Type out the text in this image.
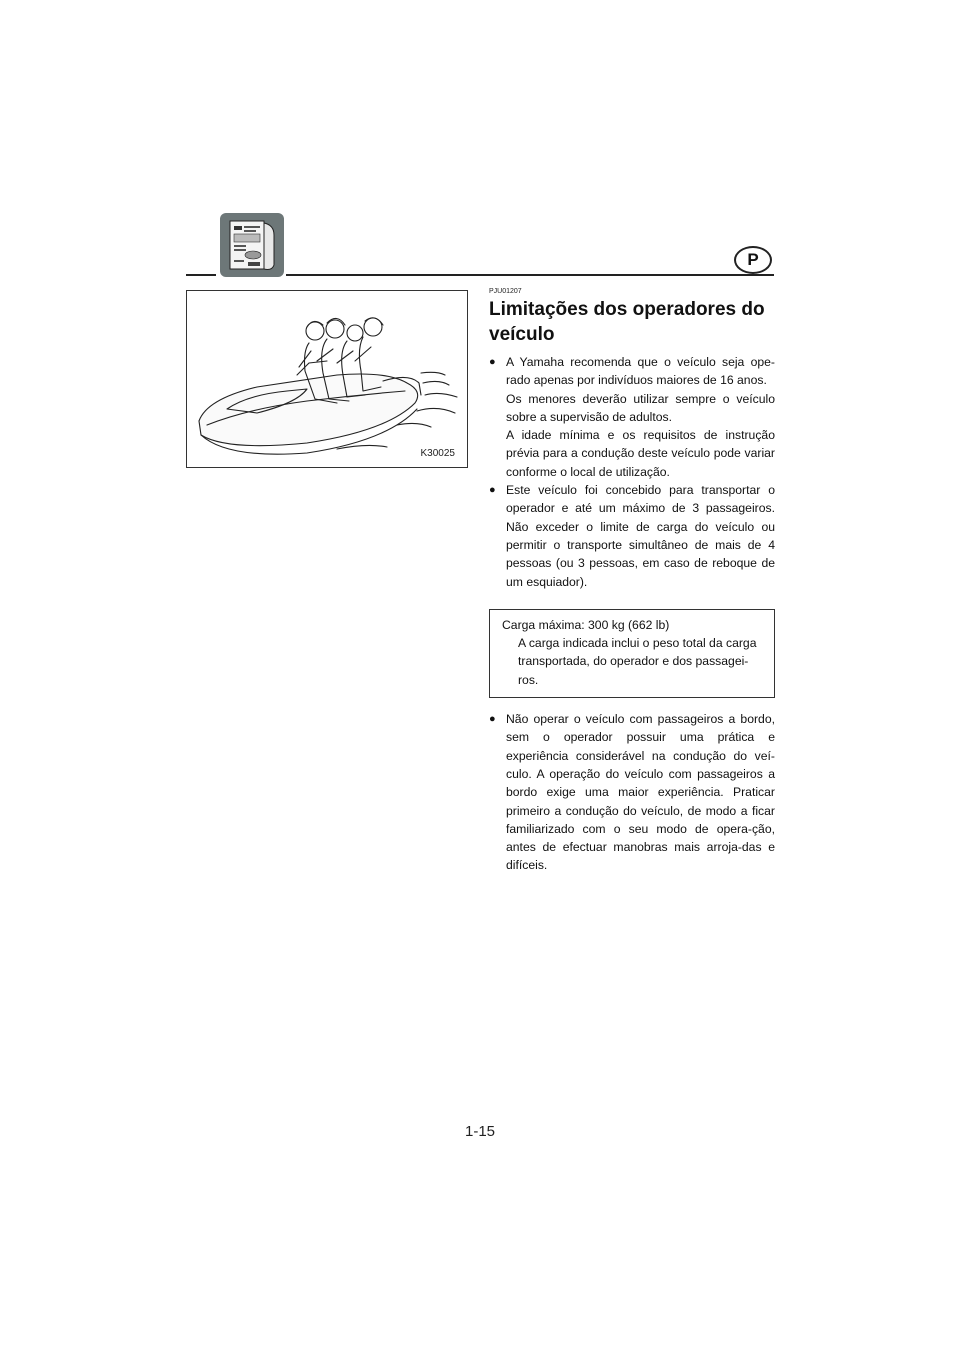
P
K30025
PJU01207
Limitações dos operadores do veículo
● A Yamaha recomenda que o veículo seja ope-rado apenas por indivíduos maiores de 16 anos.

Os menores deverão utilizar sempre o veículo sobre a supervisão de adultos.

A idade mínima e os requisitos de instrução prévia para a condução deste veículo pode variar conforme o local de utilização.

● Este veículo foi concebido para transportar o operador e até um máximo de 3 passageiros. Não exceder o limite de carga do veículo ou permitir o transporte simultâneo de mais de 4 pessoas (ou 3 pessoas, em caso de reboque de um esquiador).

Carga máxima: 300 kg (662 lb)

A carga indicada inclui o peso total da carga transportada, do operador e dos passagei-ros.

● Não operar o veículo com passageiros a bordo, sem o operador possuir uma prática e experiência considerável na condução do veí-culo. A operação do veículo com passageiros a bordo exige uma maior experiência. Praticar primeiro a condução do veículo, de modo a ficar familiarizado com o seu modo de opera-ção, antes de efectuar manobras mais arroja-das e difíceis.

1-15
